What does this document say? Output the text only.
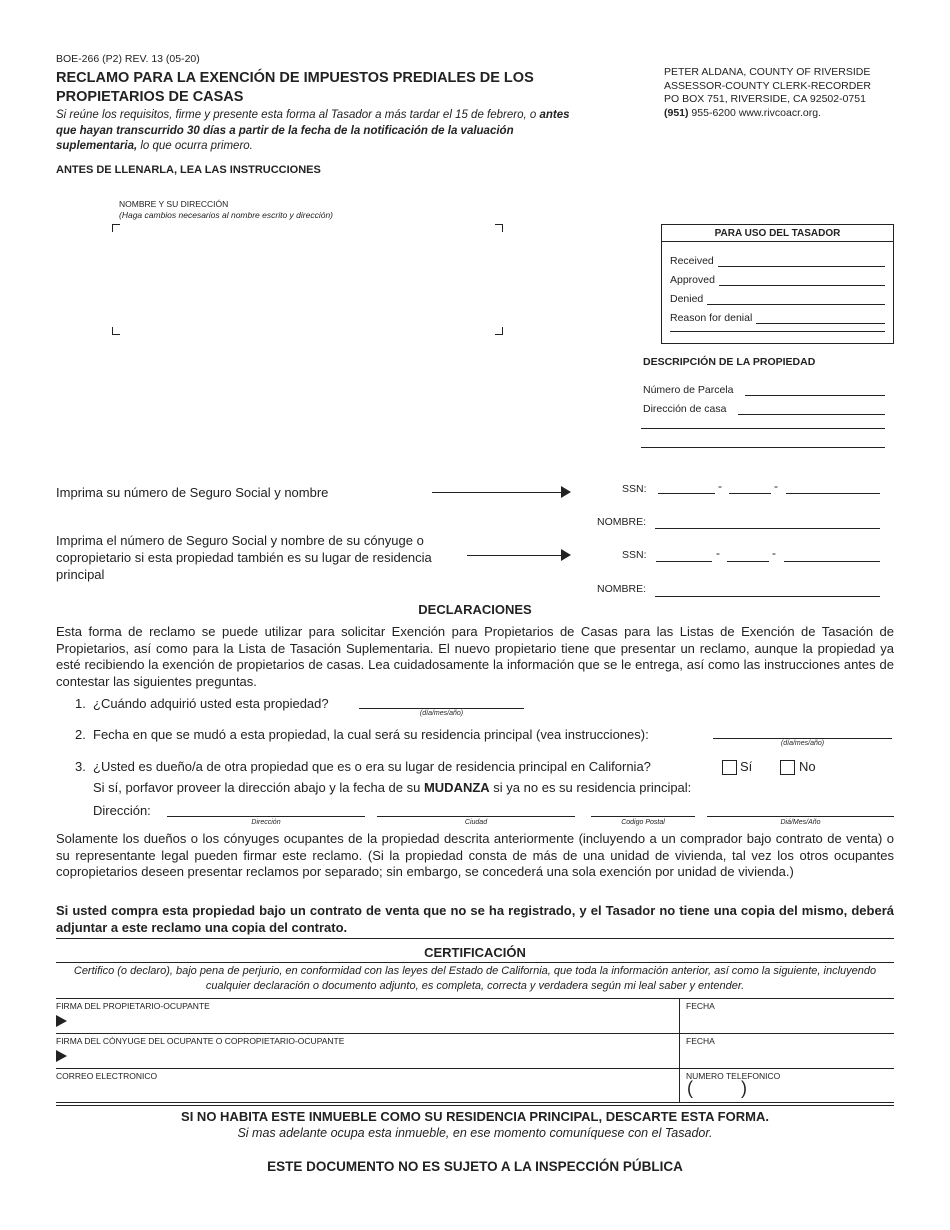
BOE-266 (P2) REV. 13 (05-20)
RECLAMO PARA LA EXENCIÓN DE IMPUESTOS PREDIALES DE LOS
PROPIETARIOS DE CASAS
Si reúne los requisitos, firme y presente esta forma al Tasador a más tardar el 15 de febrero, o antes que hayan transcurrido 30 días a partir de la fecha de la notificación de la valuación suplementaria, lo que ocurra primero.
PETER ALDANA, COUNTY OF RIVERSIDE
ASSESSOR-COUNTY CLERK-RECORDER
PO BOX 751, RIVERSIDE, CA 92502-0751
(951) 955-6200 www.rivcoacr.org.
ANTES DE LLENARLA, LEA LAS INSTRUCCIONES
NOMBRE Y SU DIRECCIÓN
(Haga cambios necesarios al nombre escrito y dirección)
PARA USO DEL TASADOR
Received
Approved
Denied
Reason for denial
DESCRIPCIÓN DE LA PROPIEDAD
Número de Parcela
Dirección de casa
Imprima su número de Seguro Social y nombre	SSN:	-	-
NOMBRE:
Imprima el número de Seguro Social y nombre de su cónyuge o copropietario si esta propiedad también es su lugar de residencia principal
SSN:	-	-
NOMBRE:
DECLARACIONES
Esta forma de reclamo se puede utilizar para solicitar Exención para Propietarios de Casas para las Listas de Exención de Tasación de Propietarios, así como para la Lista de Tasación Suplementaria. El nuevo propietario tiene que presentar un reclamo, aunque la propiedad ya esté recibiendo la exención de propietarios de casas. Lea cuidadosamente la información que se le entrega, así como las instrucciones antes de contestar las siguientes preguntas.
1. ¿Cuándo adquirió usted esta propiedad?
(día/mes/año)
2. Fecha en que se mudó a esta propiedad, la cual será su residencia principal (vea instrucciones):
(día/mes/año)
3. ¿Usted es dueño/a de otra propiedad que es o era su lugar de residencia principal en California?	Sí	No
Si sí, porfavor proveer la dirección abajo y la fecha de su MUDANZA si ya no es su residencia principal:
Dirección:
Dirección	Ciudad	Codigo Postal	Diá/Mes/Año
Solamente los dueños o los cónyuges ocupantes de la propiedad descrita anteriormente (incluyendo a un comprador bajo contrato de venta) o su representante legal pueden firmar este reclamo. (Si la propiedad consta de más de una unidad de vivienda, tal vez los otros ocupantes copropietarios deseen presentar reclamos por separado; sin embargo, se concederá una sola exención por unidad de vivienda.)
Si usted compra esta propiedad bajo un contrato de venta que no se ha registrado, y el Tasador no tiene una copia del mismo, deberá adjuntar a este reclamo una copia del contrato.
CERTIFICACIÓN
Certifico (o declaro), bajo pena de perjurio, en conformidad con las leyes del Estado de California, que toda la información anterior, así como la siguiente, incluyendo cualquier declaración o documento adjunto, es completa, correcta y verdadera según mi leal saber y entender.
FIRMA DEL PROPIETARIO-OCUPANTE	FECHA
FIRMA DEL CÓNYUGE DEL OCUPANTE O COPROPIETARIO-OCUPANTE	FECHA
CORREO ELECTRONICO	NUMERO TELEFONICO
(	)
SI NO HABITA ESTE INMUEBLE COMO SU RESIDENCIA PRINCIPAL, DESCARTE ESTA FORMA.
Si mas adelante ocupa esta inmueble, en ese momento comuníquese con el Tasador.
ESTE DOCUMENTO NO ES SUJETO A LA INSPECCIÓN PÚBLICA
